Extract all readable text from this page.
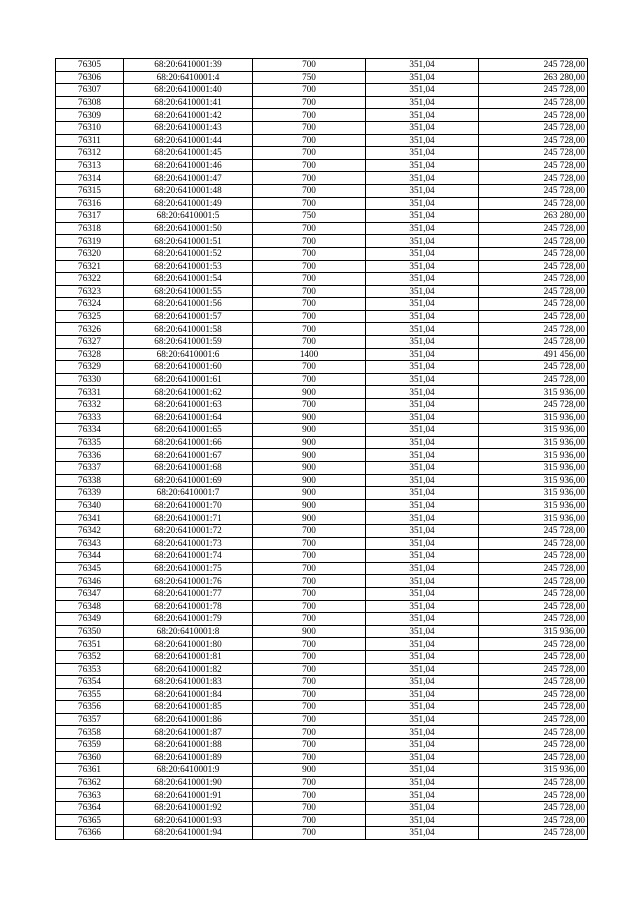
76305	68:20:6410001:39	700	351,04	245 728,00
76306	68:20:6410001:4	750	351,04	263 280,00
76307	68:20:6410001:40	700	351,04	245 728,00
76308	68:20:6410001:41	700	351,04	245 728,00
76309	68:20:6410001:42	700	351,04	245 728,00
76310	68:20:6410001:43	700	351,04	245 728,00
76311	68:20:6410001:44	700	351,04	245 728,00
76312	68:20:6410001:45	700	351,04	245 728,00
76313	68:20:6410001:46	700	351,04	245 728,00
76314	68:20:6410001:47	700	351,04	245 728,00
76315	68:20:6410001:48	700	351,04	245 728,00
76316	68:20:6410001:49	700	351,04	245 728,00
76317	68:20:6410001:5	750	351,04	263 280,00
76318	68:20:6410001:50	700	351,04	245 728,00
76319	68:20:6410001:51	700	351,04	245 728,00
76320	68:20:6410001:52	700	351,04	245 728,00
76321	68:20:6410001:53	700	351,04	245 728,00
76322	68:20:6410001:54	700	351,04	245 728,00
76323	68:20:6410001:55	700	351,04	245 728,00
76324	68:20:6410001:56	700	351,04	245 728,00
76325	68:20:6410001:57	700	351,04	245 728,00
76326	68:20:6410001:58	700	351,04	245 728,00
76327	68:20:6410001:59	700	351,04	245 728,00
76328	68:20:6410001:6	1400	351,04	491 456,00
76329	68:20:6410001:60	700	351,04	245 728,00
76330	68:20:6410001:61	700	351,04	245 728,00
76331	68:20:6410001:62	900	351,04	315 936,00
76332	68:20:6410001:63	700	351,04	245 728,00
76333	68:20:6410001:64	900	351,04	315 936,00
76334	68:20:6410001:65	900	351,04	315 936,00
76335	68:20:6410001:66	900	351,04	315 936,00
76336	68:20:6410001:67	900	351,04	315 936,00
76337	68:20:6410001:68	900	351,04	315 936,00
76338	68:20:6410001:69	900	351,04	315 936,00
76339	68:20:6410001:7	900	351,04	315 936,00
76340	68:20:6410001:70	900	351,04	315 936,00
76341	68:20:6410001:71	900	351,04	315 936,00
76342	68:20:6410001:72	700	351,04	245 728,00
76343	68:20:6410001:73	700	351,04	245 728,00
76344	68:20:6410001:74	700	351,04	245 728,00
76345	68:20:6410001:75	700	351,04	245 728,00
76346	68:20:6410001:76	700	351,04	245 728,00
76347	68:20:6410001:77	700	351,04	245 728,00
76348	68:20:6410001:78	700	351,04	245 728,00
76349	68:20:6410001:79	700	351,04	245 728,00
76350	68:20:6410001:8	900	351,04	315 936,00
76351	68:20:6410001:80	700	351,04	245 728,00
76352	68:20:6410001:81	700	351,04	245 728,00
76353	68:20:6410001:82	700	351,04	245 728,00
76354	68:20:6410001:83	700	351,04	245 728,00
76355	68:20:6410001:84	700	351,04	245 728,00
76356	68:20:6410001:85	700	351,04	245 728,00
76357	68:20:6410001:86	700	351,04	245 728,00
76358	68:20:6410001:87	700	351,04	245 728,00
76359	68:20:6410001:88	700	351,04	245 728,00
76360	68:20:6410001:89	700	351,04	245 728,00
76361	68:20:6410001:9	900	351,04	315 936,00
76362	68:20:6410001:90	700	351,04	245 728,00
76363	68:20:6410001:91	700	351,04	245 728,00
76364	68:20:6410001:92	700	351,04	245 728,00
76365	68:20:6410001:93	700	351,04	245 728,00
76366	68:20:6410001:94	700	351,04	245 728,00
